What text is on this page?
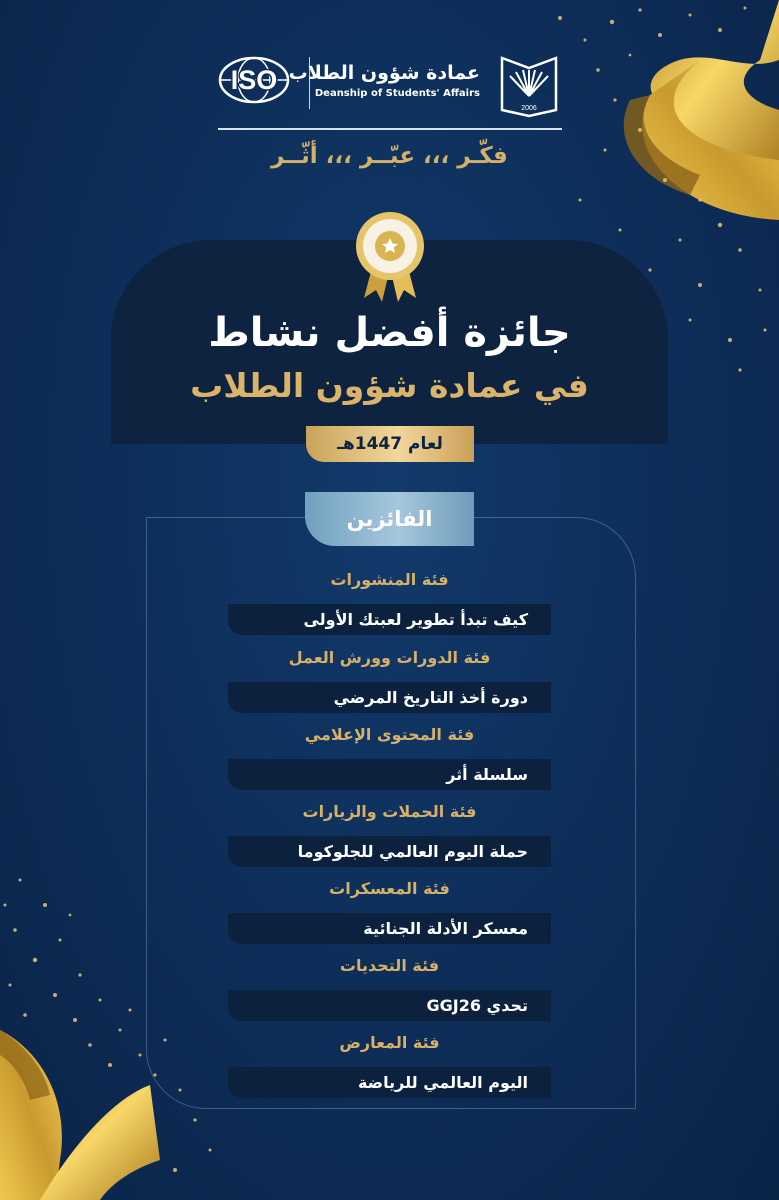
ISO عمادة شؤون الطلاب
Deanship of Students' Affairs
2006
فكّـر ،،، عبّــر ،،، أثّــر
جائزة أفضل نشاط
في عمادة شؤون الطلاب
لعام 1447هـ
الفائزين
فئة المنشورات
كيف تبدأ تطوير لعبتك الأولى
فئة الدورات وورش العمل
دورة أخذ التاريخ المرضي
فئة المحتوى الإعلامي
سلسلة أثر
فئة الحملات والزيارات
حملة اليوم العالمي للجلوكوما
فئة المعسكرات
معسكر الأدلة الجنائية
فئة التحديات
تحدي GGJ26
فئة المعارض
اليوم العالمي للرياضة
